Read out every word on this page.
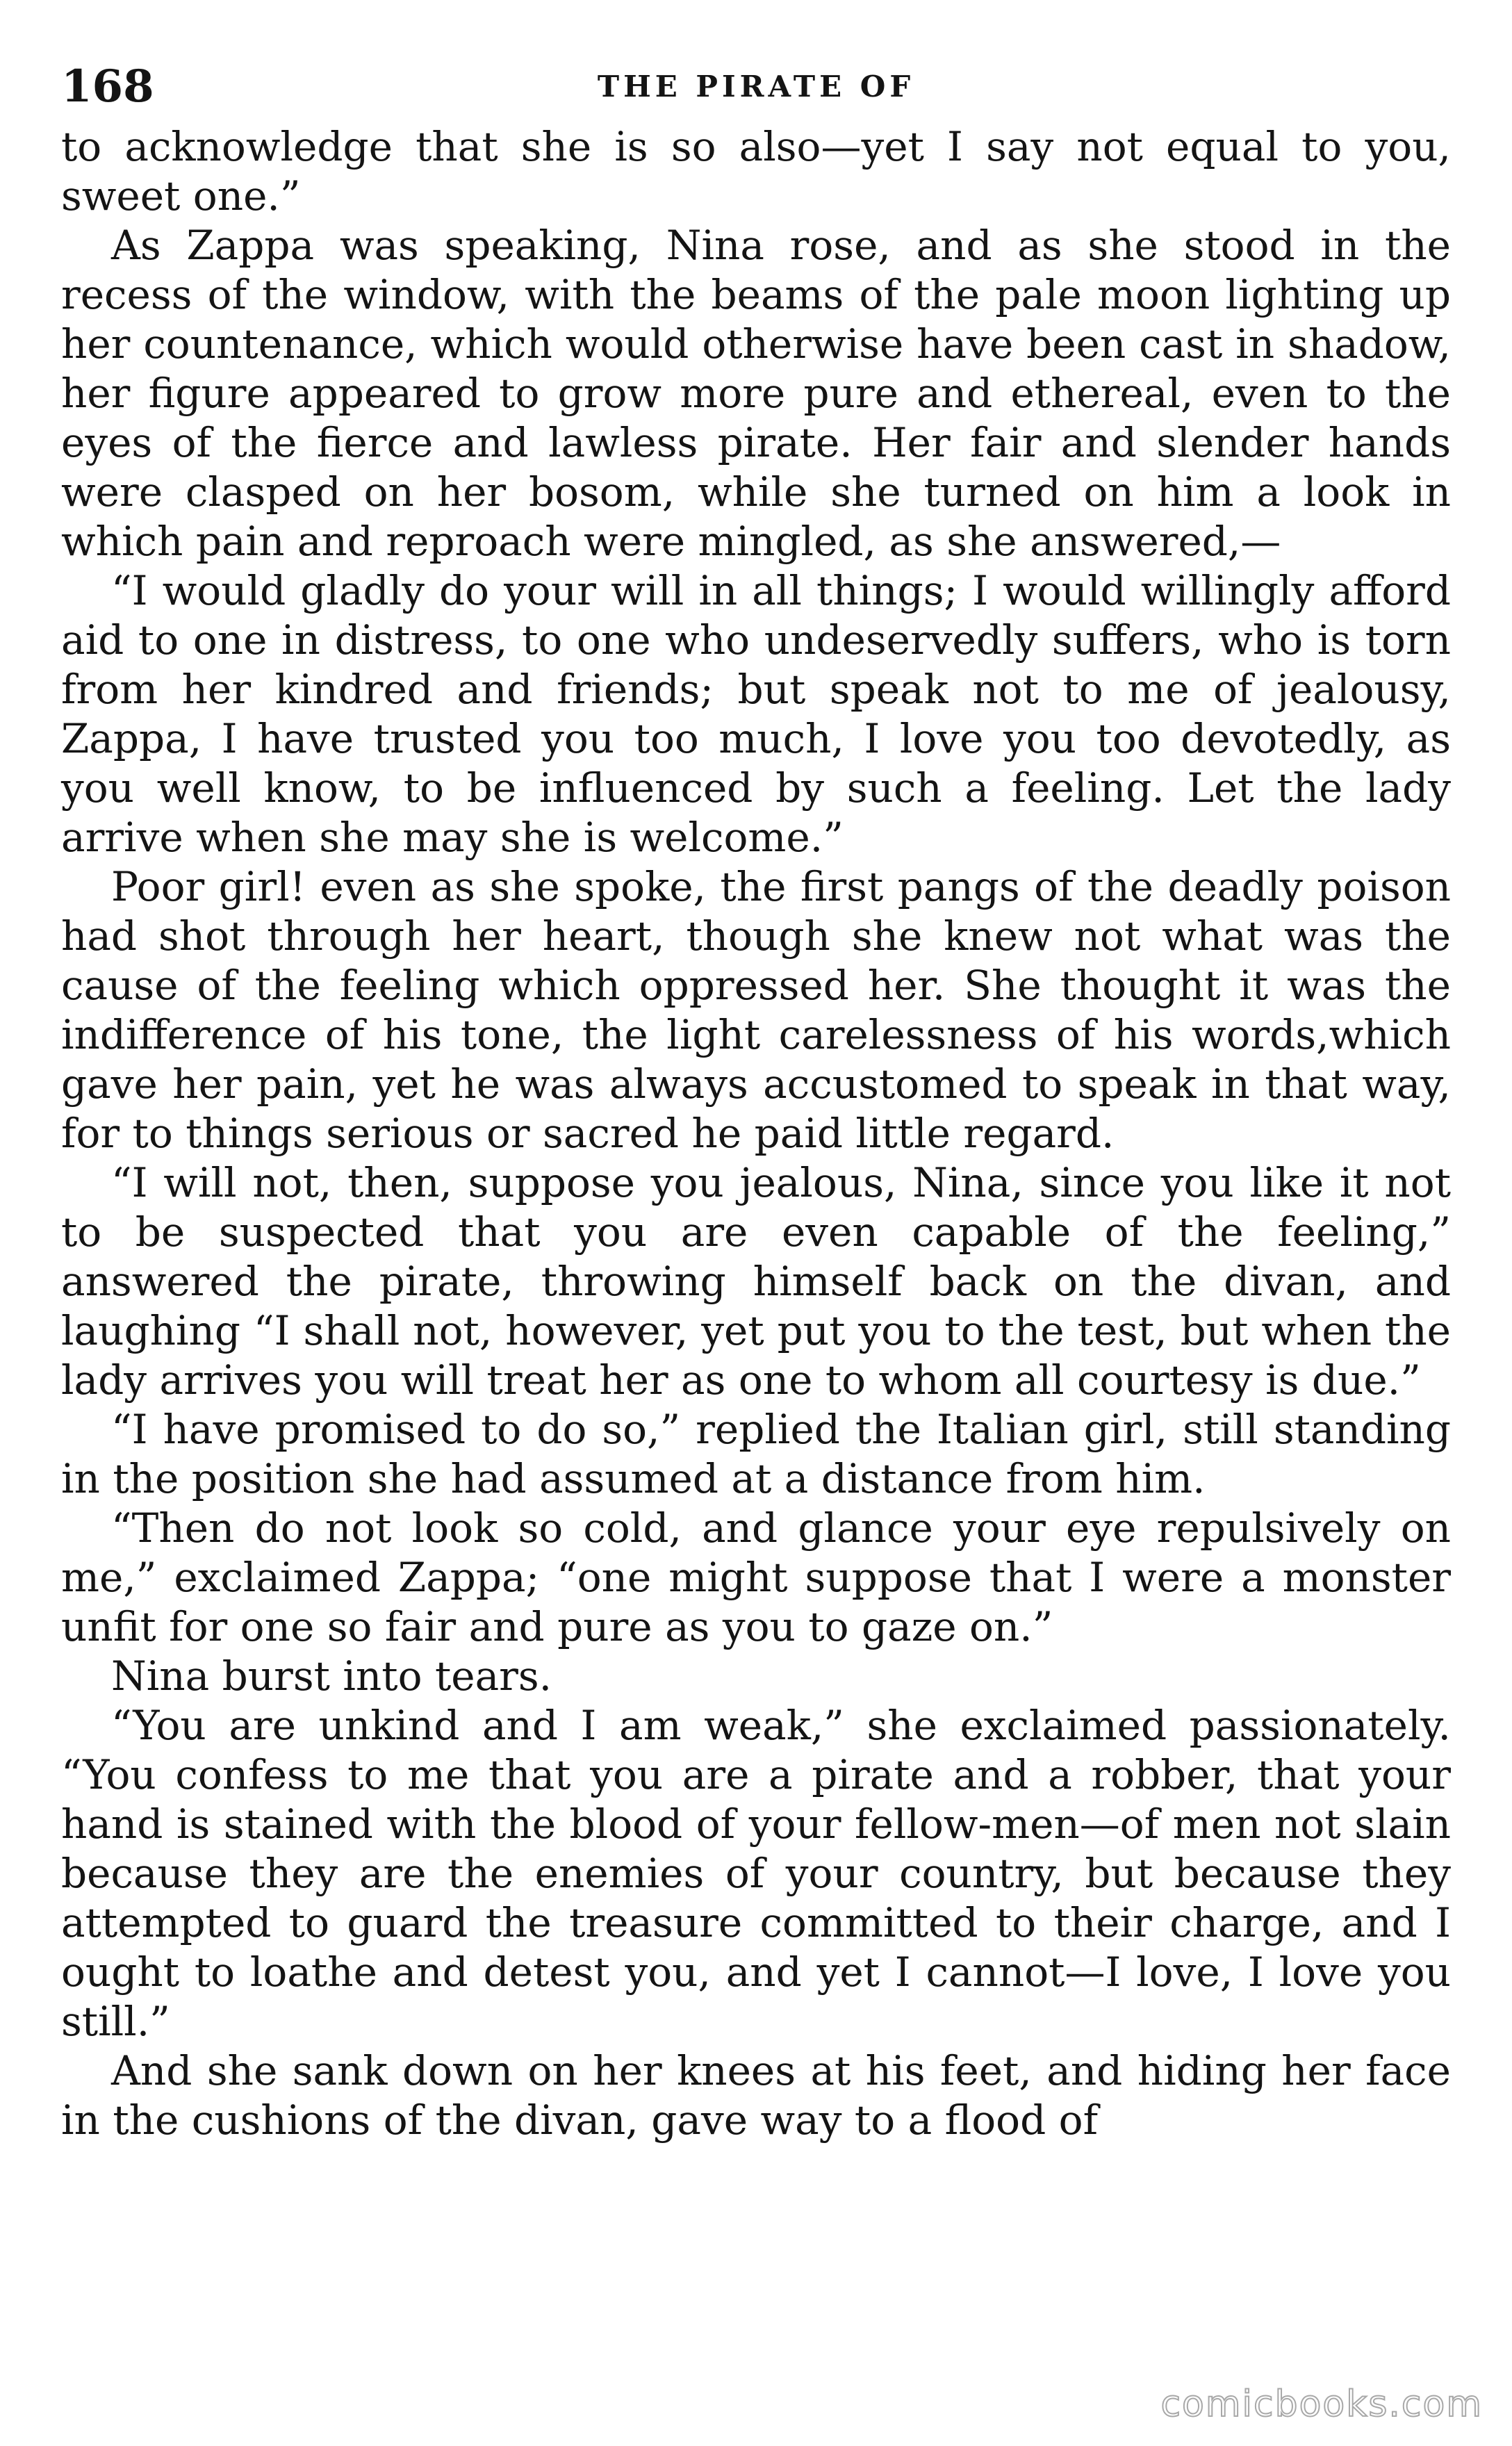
168	THE PIRATE OF

to acknowledge that she is so also—yet I say not equal to you, sweet one.”

As Zappa was speaking, Nina rose, and as she stood in the recess of the window, with the beams of the pale moon lighting up her countenance, which would otherwise have been cast in shadow, her figure appeared to grow more pure and ethereal, even to the eyes of the fierce and lawless pirate. Her fair and slender hands were clasped on her bosom, while she turned on him a look in which pain and reproach were mingled, as she answered,—

“I would gladly do your will in all things; I would willingly afford aid to one in distress, to one who undeservedly suffers, who is torn from her kindred and friends; but speak not to me of jealousy, Zappa, I have trusted you too much, I love you too devotedly, as you well know, to be influenced by such a feeling. Let the lady arrive when she may she is welcome.”

Poor girl! even as she spoke, the first pangs of the deadly poison had shot through her heart, though she knew not what was the cause of the feeling which oppressed her. She thought it was the indifference of his tone, the light carelessness of his words,which gave her pain, yet he was always accustomed to speak in that way, for to things serious or sacred he paid little regard.

“I will not, then, suppose you jealous, Nina, since you like it not to be suspected that you are even capable of the feeling,” answered the pirate, throwing himself back on the divan, and laughing “I shall not, however, yet put you to the test, but when the lady arrives you will treat her as one to whom all courtesy is due.”

“I have promised to do so,” replied the Italian girl, still standing in the position she had assumed at a distance from him.

“Then do not look so cold, and glance your eye repulsively on me,” exclaimed Zappa; “one might suppose that I were a monster unfit for one so fair and pure as you to gaze on.”

Nina burst into tears.

“You are unkind and I am weak,” she exclaimed passionately. “You confess to me that you are a pirate and a robber, that your hand is stained with the blood of your fellow-men—of men not slain because they are the enemies of your country, but because they attempted to guard the treasure committed to their charge, and I ought to loathe and detest you, and yet I cannot—I love, I love you still.”

And she sank down on her knees at his feet, and hiding her face in the cushions of the divan, gave way to a flood of

comicbooks.com
